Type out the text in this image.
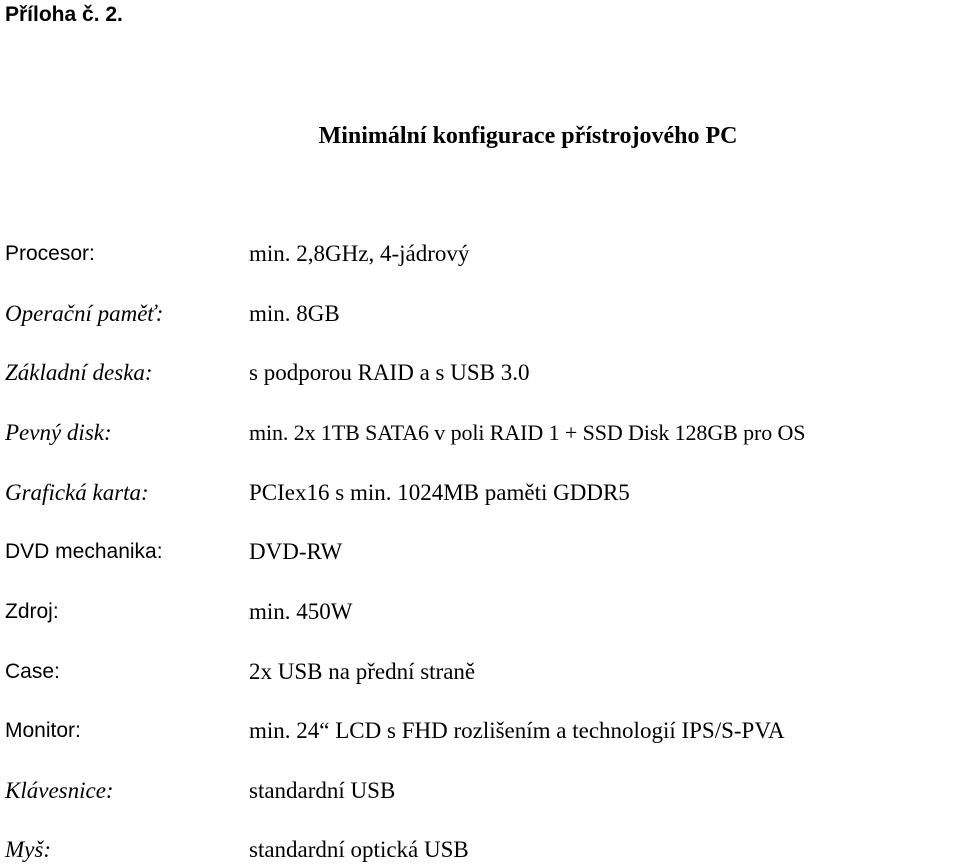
Příloha č. 2.
Minimální konfigurace přístrojového PC
Procesor:	min. 2,8GHz, 4-jádrový
Operační paměť:	min. 8GB
Základní deska:	s podporou RAID a s USB 3.0
Pevný disk:	min. 2x 1TB SATA6 v poli RAID 1 + SSD Disk 128GB pro OS
Grafická karta:	PCIex16 s min. 1024MB paměti GDDR5
DVD mechanika:	DVD-RW
Zdroj:	min. 450W
Case:	2x USB na přední straně
Monitor:	min. 24“ LCD s FHD rozlišením a technologií IPS/S-PVA
Klávesnice:	standardní USB
Myš:	standardní optická USB
